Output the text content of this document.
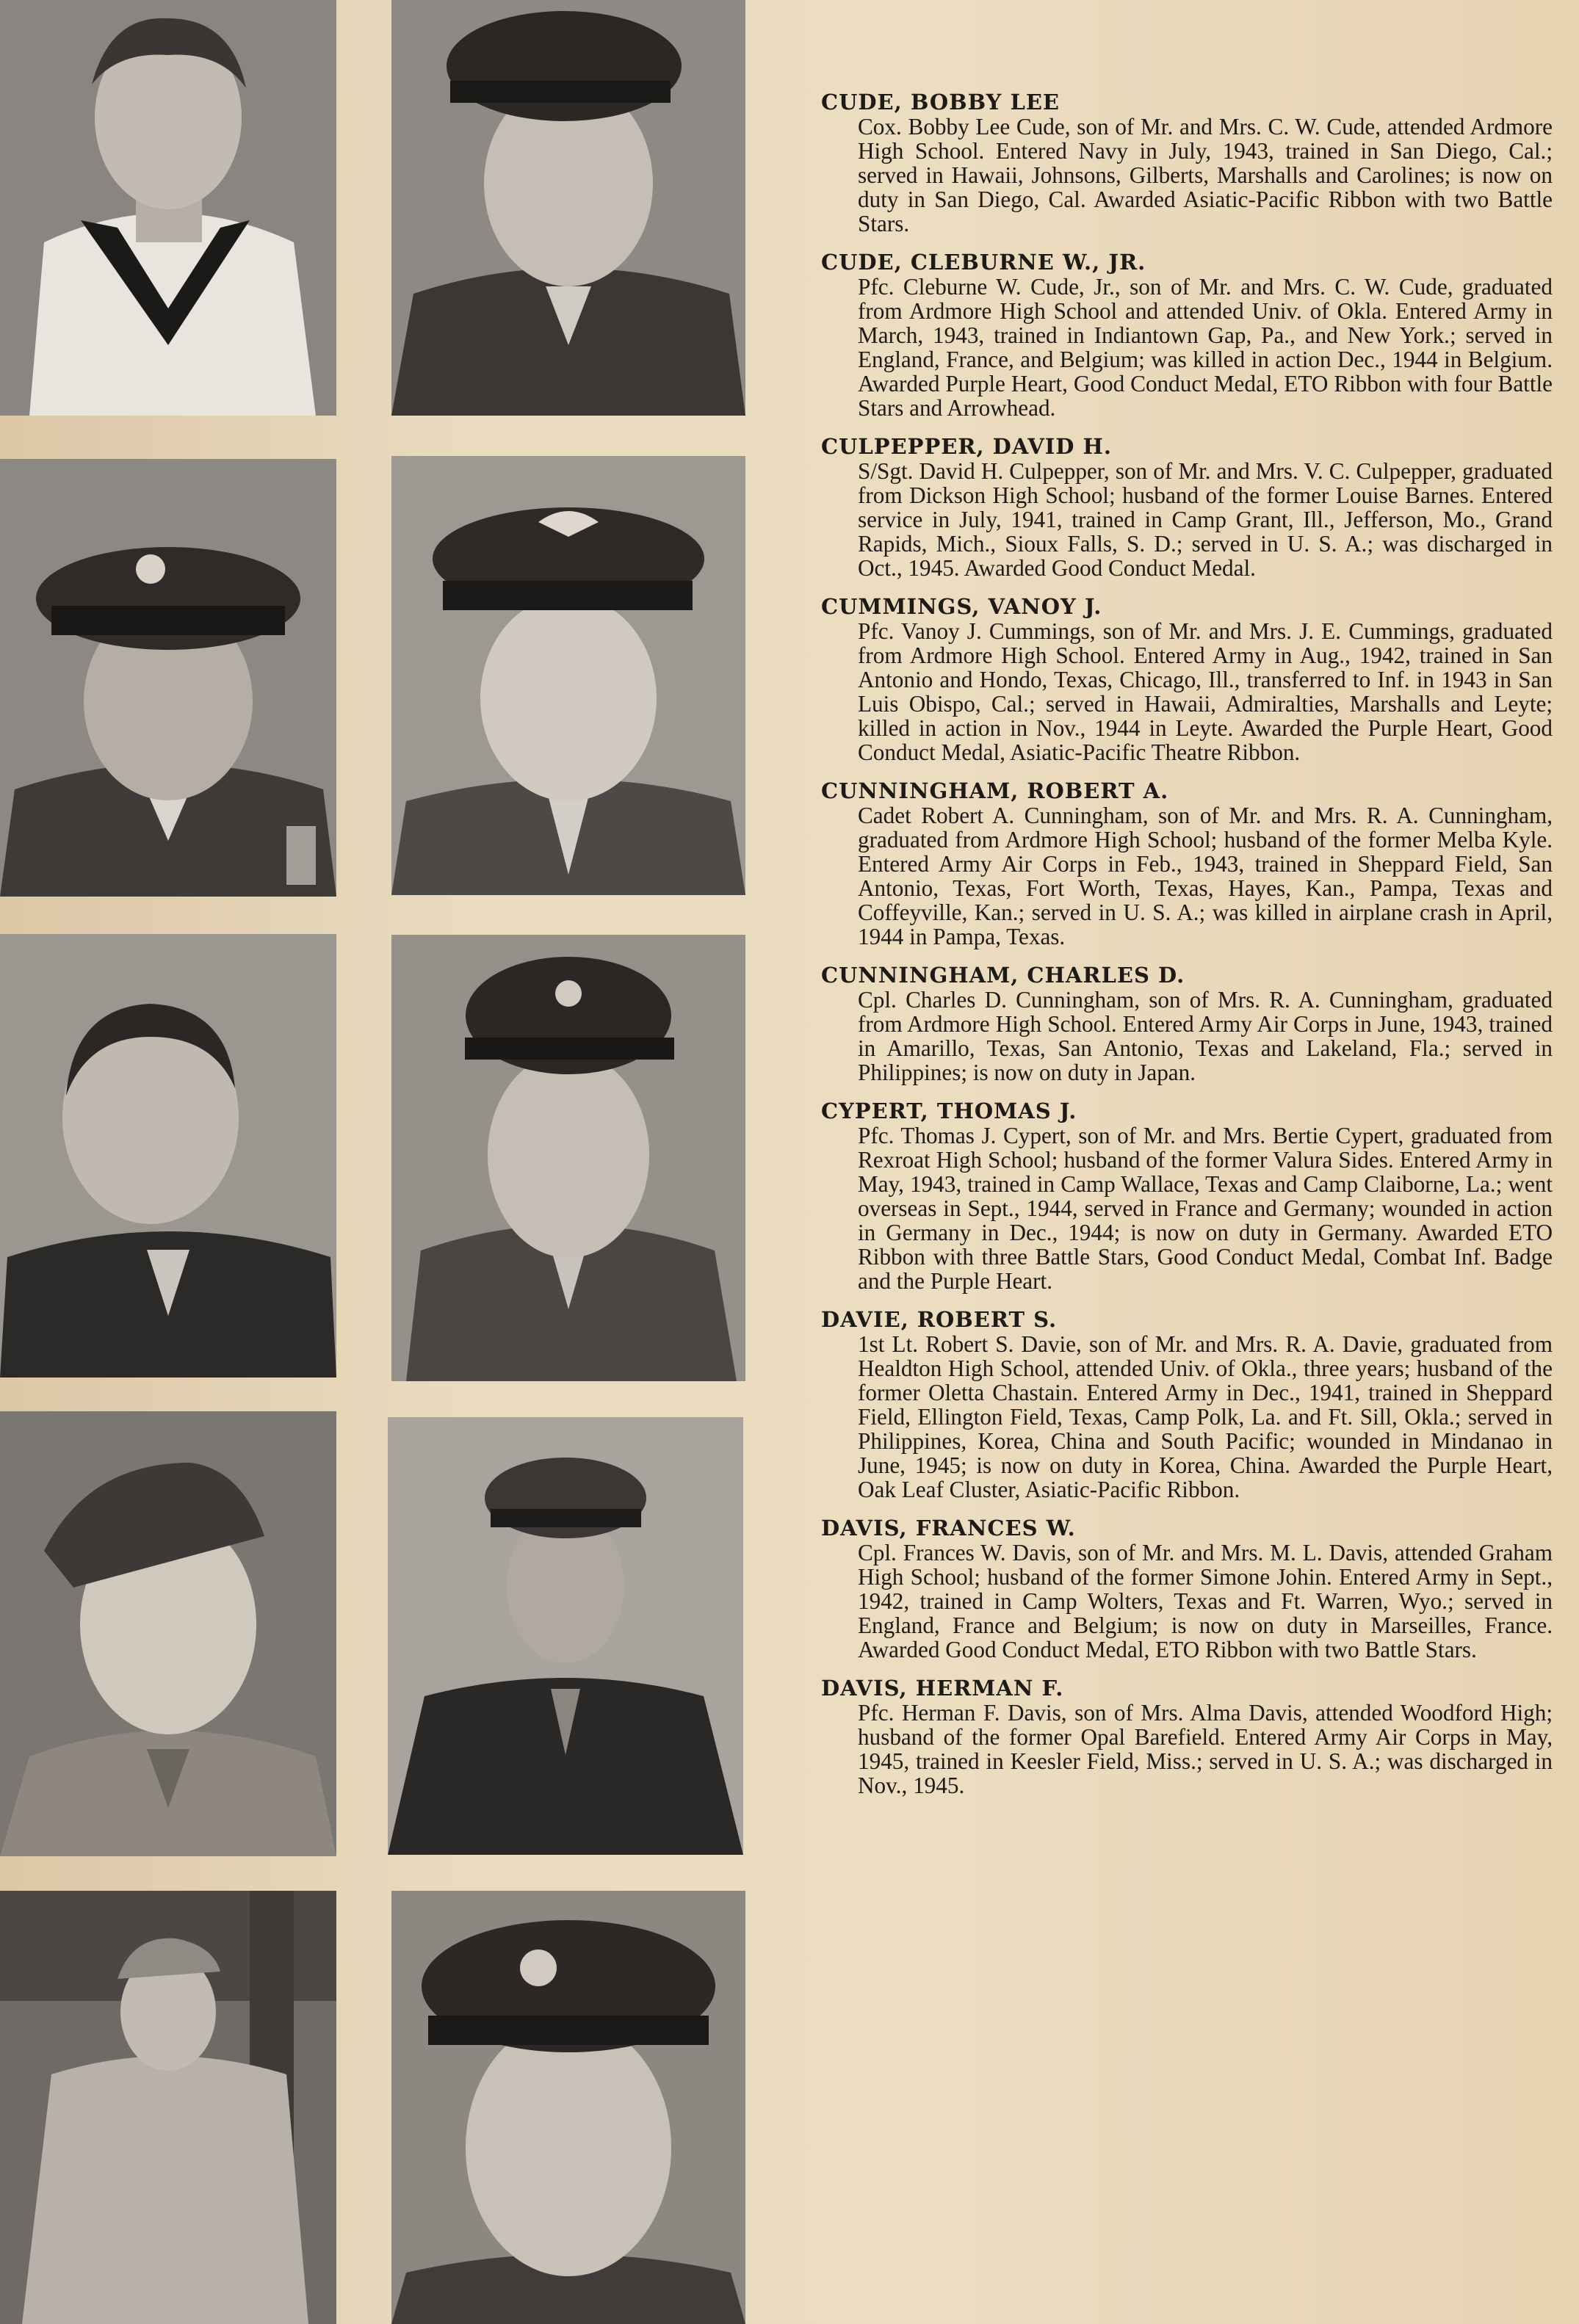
CUDE, BOBBY LEE

Cox. Bobby Lee Cude, son of Mr. and Mrs. C. W. Cude, attended Ardmore High School. Entered Navy in July, 1943, trained in San Diego, Cal.; served in Hawaii, Johnsons, Gilberts, Marshalls and Carolines; is now on duty in San Diego, Cal. Awarded Asiatic-Pacific Ribbon with two Battle Stars.

CUDE, CLEBURNE W., JR.

Pfc. Cleburne W. Cude, Jr., son of Mr. and Mrs. C. W. Cude, graduated from Ardmore High School and attended Univ. of Okla. Entered Army in March, 1943, trained in Indiantown Gap, Pa., and New York.; served in England, France, and Belgium; was killed in action Dec., 1944 in Belgium. Awarded Purple Heart, Good Conduct Medal, ETO Ribbon with four Battle Stars and Arrowhead.

CULPEPPER, DAVID H.

S/Sgt. David H. Culpepper, son of Mr. and Mrs. V. C. Culpepper, graduated from Dickson High School; husband of the former Louise Barnes. Entered service in July, 1941, trained in Camp Grant, Ill., Jefferson, Mo., Grand Rapids, Mich., Sioux Falls, S. D.; served in U. S. A.; was discharged in Oct., 1945. Awarded Good Conduct Medal.

CUMMINGS, VANOY J.

Pfc. Vanoy J. Cummings, son of Mr. and Mrs. J. E. Cummings, graduated from Ardmore High School. Entered Army in Aug., 1942, trained in San Antonio and Hondo, Texas, Chicago, Ill., transferred to Inf. in 1943 in San Luis Obispo, Cal.; served in Hawaii, Admiralties, Marshalls and Leyte; killed in action in Nov., 1944 in Leyte. Awarded the Purple Heart, Good Conduct Medal, Asiatic-Pacific Theatre Ribbon.

CUNNINGHAM, ROBERT A.

Cadet Robert A. Cunningham, son of Mr. and Mrs. R. A. Cunningham, graduated from Ardmore High School; husband of the former Melba Kyle. Entered Army Air Corps in Feb., 1943, trained in Sheppard Field, San Antonio, Texas, Fort Worth, Texas, Hayes, Kan., Pampa, Texas and Coffeyville, Kan.; served in U. S. A.; was killed in airplane crash in April, 1944 in Pampa, Texas.

CUNNINGHAM, CHARLES D.

Cpl. Charles D. Cunningham, son of Mrs. R. A. Cunningham, graduated from Ardmore High School. Entered Army Air Corps in June, 1943, trained in Amarillo, Texas, San Antonio, Texas and Lakeland, Fla.; served in Philippines; is now on duty in Japan.

CYPERT, THOMAS J.

Pfc. Thomas J. Cypert, son of Mr. and Mrs. Bertie Cypert, graduated from Rexroat High School; husband of the former Valura Sides. Entered Army in May, 1943, trained in Camp Wallace, Texas and Camp Claiborne, La.; went overseas in Sept., 1944, served in France and Germany; wounded in action in Germany in Dec., 1944; is now on duty in Germany. Awarded ETO Ribbon with three Battle Stars, Good Conduct Medal, Combat Inf. Badge and the Purple Heart.

DAVIE, ROBERT S.

1st Lt. Robert S. Davie, son of Mr. and Mrs. R. A. Davie, graduated from Healdton High School, attended Univ. of Okla., three years; husband of the former Oletta Chastain. Entered Army in Dec., 1941, trained in Sheppard Field, Ellington Field, Texas, Camp Polk, La. and Ft. Sill, Okla.; served in Philippines, Korea, China and South Pacific; wounded in Mindanao in June, 1945; is now on duty in Korea, China. Awarded the Purple Heart, Oak Leaf Cluster, Asiatic-Pacific Ribbon.

DAVIS, FRANCES W.

Cpl. Frances W. Davis, son of Mr. and Mrs. M. L. Davis, attended Graham High School; husband of the former Simone Johin. Entered Army in Sept., 1942, trained in Camp Wolters, Texas and Ft. Warren, Wyo.; served in England, France and Belgium; is now on duty in Marseilles, France. Awarded Good Conduct Medal, ETO Ribbon with two Battle Stars.

DAVIS, HERMAN F.

Pfc. Herman F. Davis, son of Mrs. Alma Davis, attended Woodford High; husband of the former Opal Barefield. Entered Army Air Corps in May, 1945, trained in Keesler Field, Miss.; served in U. S. A.; was discharged in Nov., 1945.
